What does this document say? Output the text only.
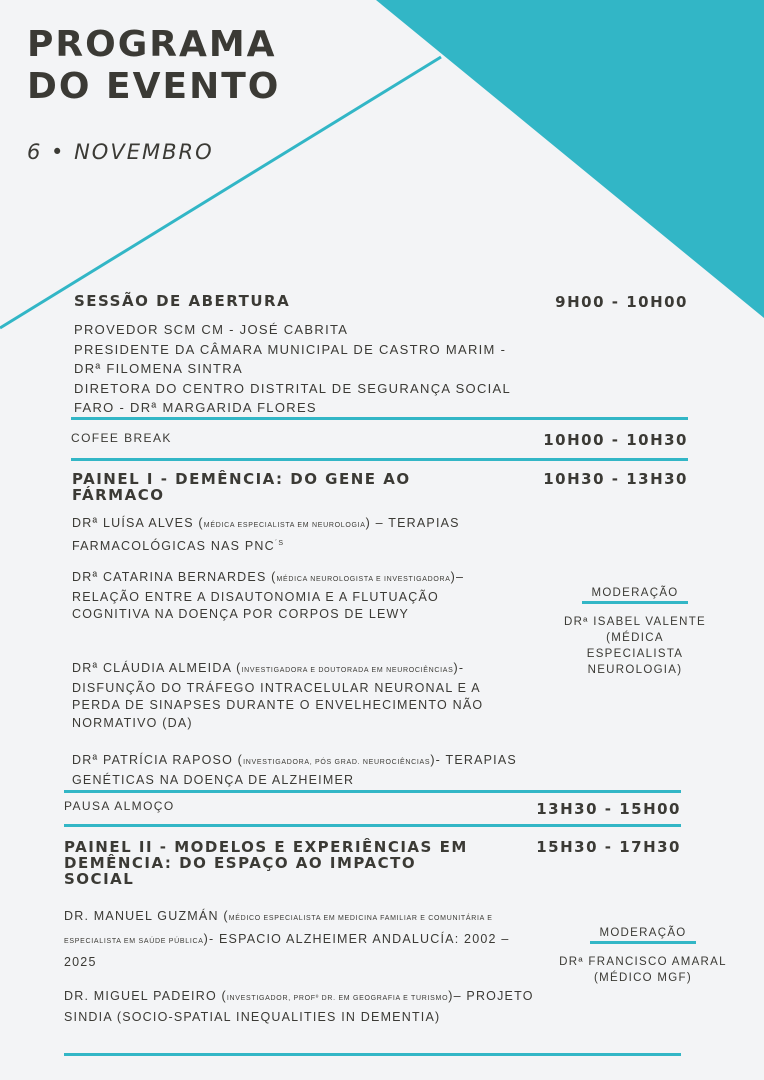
PROGRAMA
DO EVENTO
6 • NOVEMBRO
SESSÃO DE ABERTURA	9H00 - 10H00
PROVEDOR SCM CM - JOSÉ CABRITA
PRESIDENTE DA CÂMARA MUNICIPAL DE CASTRO MARIM -
DRª FILOMENA SINTRA
DIRETORA DO CENTRO DISTRITAL DE SEGURANÇA SOCIAL
FARO - DRª MARGARIDA FLORES
COFEE BREAK	10H00 - 10H30
PAINEL I - DEMÊNCIA: DO GENE AO
FÁRMACO
10H30 - 13H30
DRª LUÍSA ALVES (MÉDICA ESPECIALISTA EM NEUROLOGIA) – TERAPIAS FARMACOLÓGICAS NAS $PNC^{´S}$
DRª CATARINA BERNARDES (MÉDICA NEUROLOGISTA E INVESTIGADORA)– RELAÇÃO ENTRE A DISAUTONOMIA E A FLUTUAÇÃO COGNITIVA NA DOENÇA POR CORPOS DE LEWY
DRª CLÁUDIA ALMEIDA (INVESTIGADORA E DOUTORADA EM NEUROCIÊNCIAS)- DISFUNÇÃO DO TRÁFEGO INTRACELULAR NEURONAL E A PERDA DE SINAPSES DURANTE O ENVELHECIMENTO NÃO NORMATIVO (DA)
DRª PATRÍCIA RAPOSO (INVESTIGADORA, PÓS GRAD. NEUROCIÊNCIAS)- TERAPIAS GENÉTICAS NA DOENÇA DE ALZHEIMER
MODERAÇÃO
DRª ISABEL VALENTE
(MÉDICA ESPECIALISTA
NEUROLOGIA)
PAUSA ALMOÇO	13H30 - 15H00
PAINEL II - MODELOS E EXPERIÊNCIAS EM
DEMÊNCIA: DO ESPAÇO AO IMPACTO
SOCIAL
15H30 - 17H30
DR. MANUEL GUZMÁN (MÉDICO ESPECIALISTA EM MEDICINA FAMILIAR E COMUNITÁRIA E ESPECIALISTA EM SAÚDE PÚBLICA)- ESPACIO ALZHEIMER ANDALUCÍA: 2002 – 2025
DR. MIGUEL PADEIRO (INVESTIGADOR, PROFº DR. EM GEOGRAFIA E TURISMO)– PROJETO SINDIA (SOCIO-SPATIAL INEQUALITIES IN DEMENTIA)
MODERAÇÃO
DRª FRANCISCO AMARAL
(MÉDICO MGF)
